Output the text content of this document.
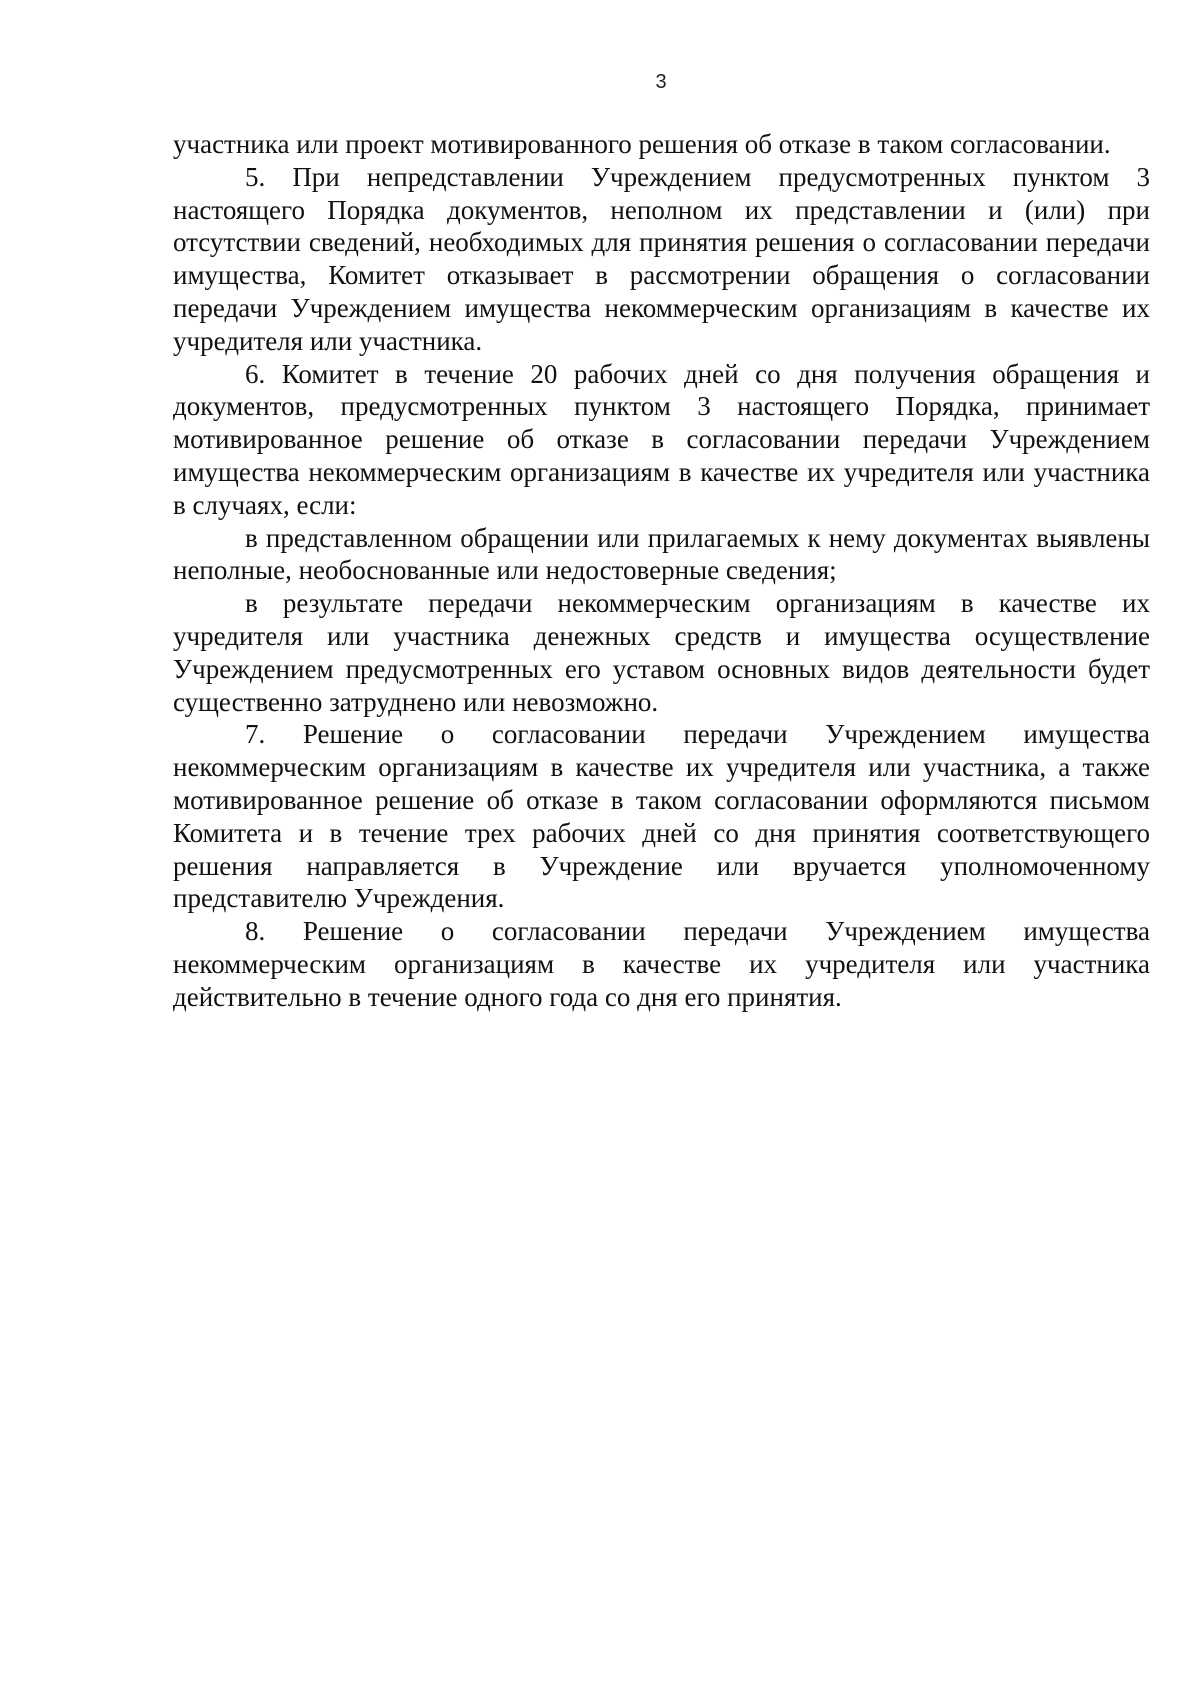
3

участника или проект мотивированного решения об отказе в таком согласовании.

5. При непредставлении Учреждением предусмотренных пунктом 3 настоящего Порядка документов, неполном их представлении и (или) при отсутствии сведений, необходимых для принятия решения о согласовании передачи имущества, Комитет отказывает в рассмотрении обращения о согласовании передачи Учреждением имущества некоммерческим организациям в качестве их учредителя или участника.

6. Комитет в течение 20 рабочих дней со дня получения обращения и документов, предусмотренных пунктом 3 настоящего Порядка, принимает мотивированное решение об отказе в согласовании передачи Учреждением имущества некоммерческим организациям в качестве их учредителя или участника в случаях, если:

в представленном обращении или прилагаемых к нему документах выявлены неполные, необоснованные или недостоверные сведения;

в результате передачи некоммерческим организациям в качестве их учредителя или участника денежных средств и имущества осуществление Учреждением предусмотренных его уставом основных видов деятельности будет существенно затруднено или невозможно.

7. Решение о согласовании передачи Учреждением имущества некоммерческим организациям в качестве их учредителя или участника, а также мотивированное решение об отказе в таком согласовании оформляются письмом Комитета и в течение трех рабочих дней со дня принятия соответствующего решения направляется в Учреждение или вручается уполномоченному представителю Учреждения.

8. Решение о согласовании передачи Учреждением имущества некоммерческим организациям в качестве их учредителя или участника действительно в течение одного года со дня его принятия.
